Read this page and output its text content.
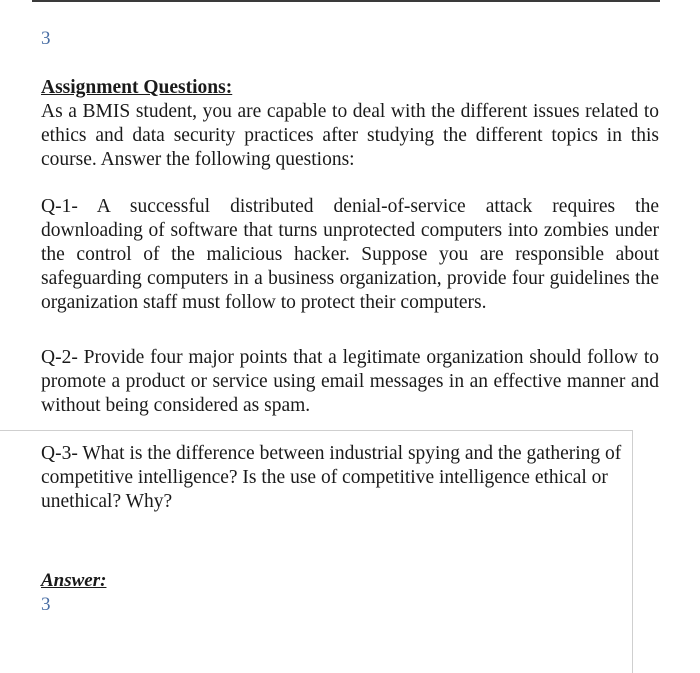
3

Assignment Questions:

As a BMIS student, you are capable to deal with the different issues related to ethics and data security practices after studying the different topics in this course. Answer the following questions:

Q-1- A successful distributed denial-of-service attack requires the downloading of software that turns unprotected computers into zombies under the control of the malicious hacker. Suppose you are responsible about safeguarding computers in a business organization, provide four guidelines the organization staff must follow to protect their computers.

Q-2- Provide four major points that a legitimate organization should follow to promote a product or service using email messages in an effective manner and without being considered as spam.

Q-3- What is the difference between industrial spying and the gathering of competitive intelligence? Is the use of competitive intelligence ethical or unethical? Why?

Answer:
3
